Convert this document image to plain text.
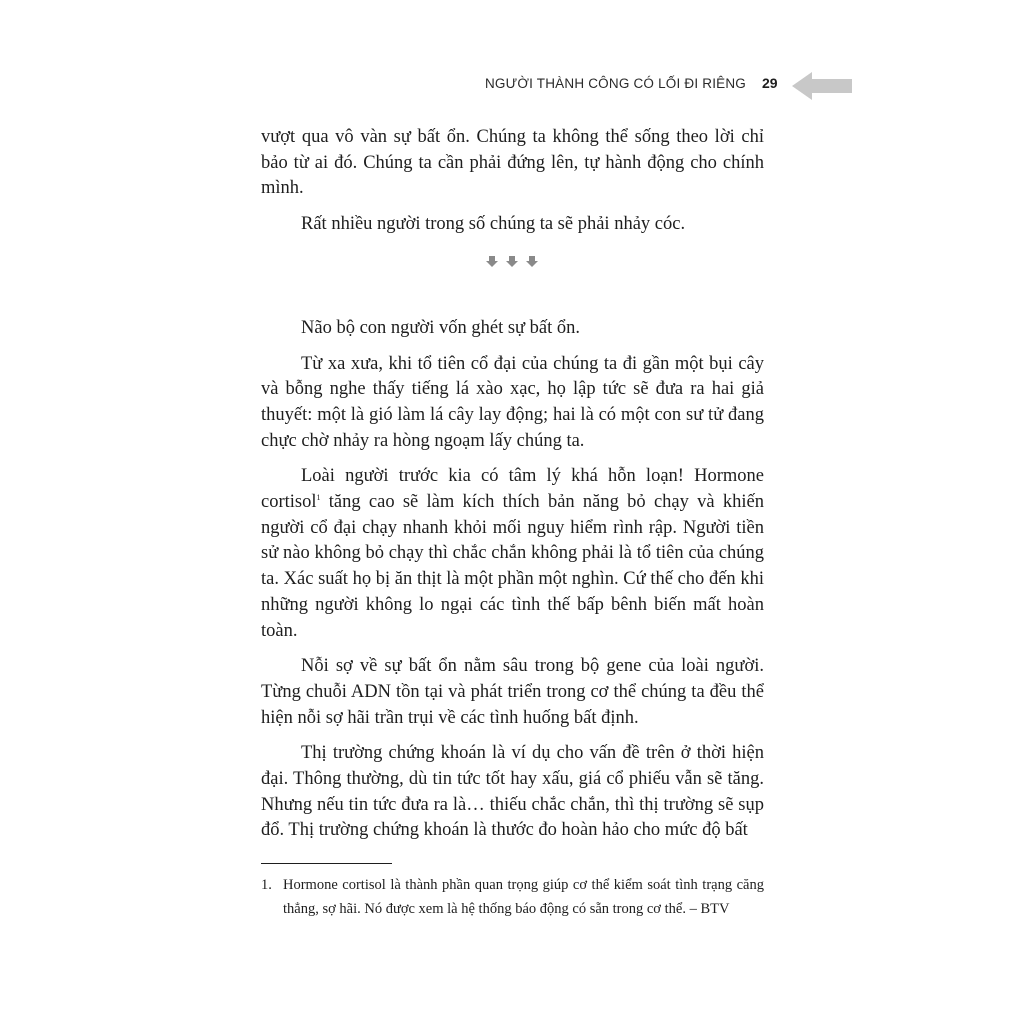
NGƯỜI THÀNH CÔNG CÓ LỐI ĐI RIÊNG 29

vượt qua vô vàn sự bất ổn. Chúng ta không thể sống theo lời chỉ bảo từ ai đó. Chúng ta cần phải đứng lên, tự hành động cho chính mình.

Rất nhiều người trong số chúng ta sẽ phải nhảy cóc.

Não bộ con người vốn ghét sự bất ổn.

Từ xa xưa, khi tổ tiên cổ đại của chúng ta đi gần một bụi cây và bỗng nghe thấy tiếng lá xào xạc, họ lập tức sẽ đưa ra hai giả thuyết: một là gió làm lá cây lay động; hai là có một con sư tử đang chực chờ nhảy ra hòng ngoạm lấy chúng ta.

Loài người trước kia có tâm lý khá hỗn loạn! Hormone cortisol$^1$ tăng cao sẽ làm kích thích bản năng bỏ chạy và khiến người cổ đại chạy nhanh khỏi mối nguy hiểm rình rập. Người tiền sử nào không bỏ chạy thì chắc chắn không phải là tổ tiên của chúng ta. Xác suất họ bị ăn thịt là một phần một nghìn. Cứ thế cho đến khi những người không lo ngại các tình thế bấp bênh biến mất hoàn toàn.

Nỗi sợ về sự bất ổn nằm sâu trong bộ gene của loài người. Từng chuỗi ADN tồn tại và phát triển trong cơ thể chúng ta đều thể hiện nỗi sợ hãi trần trụi về các tình huống bất định.

Thị trường chứng khoán là ví dụ cho vấn đề trên ở thời hiện đại. Thông thường, dù tin tức tốt hay xấu, giá cổ phiếu vẫn sẽ tăng. Nhưng nếu tin tức đưa ra là… thiếu chắc chắn, thì thị trường sẽ sụp đổ. Thị trường chứng khoán là thước đo hoàn hảo cho mức độ bất

1. Hormone cortisol là thành phần quan trọng giúp cơ thể kiểm soát tình trạng căng thẳng, sợ hãi. Nó được xem là hệ thống báo động có sẵn trong cơ thể. – BTV
